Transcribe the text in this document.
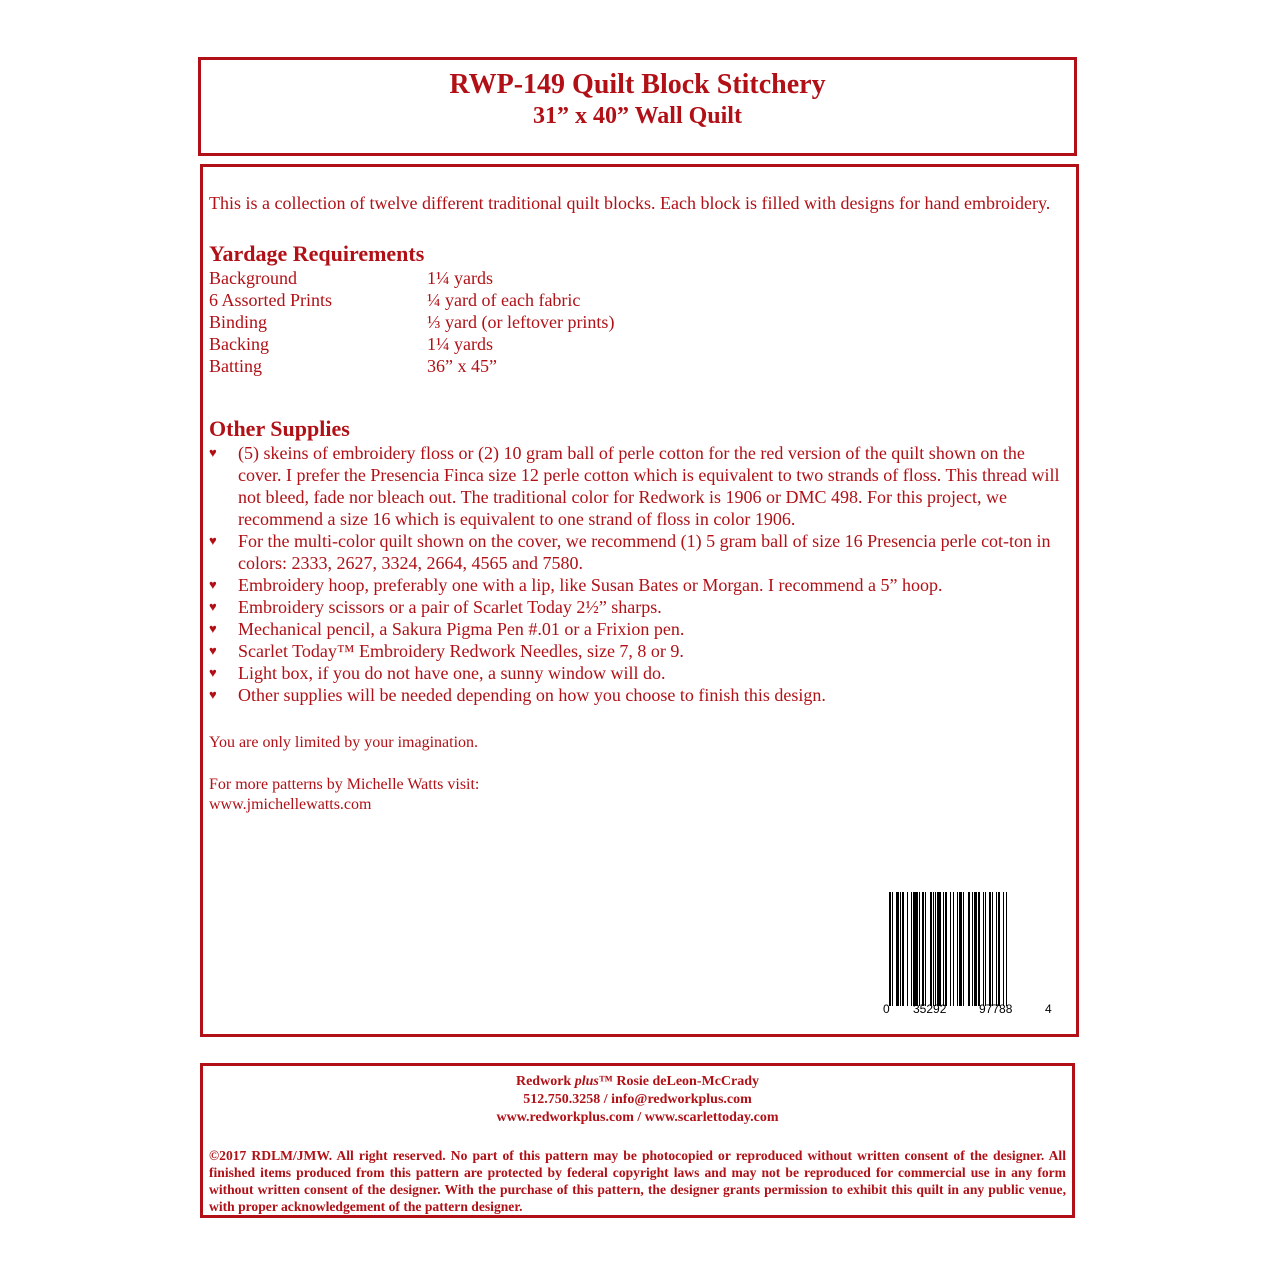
RWP-149 Quilt Block Stitchery
31” x 40” Wall Quilt

This is a collection of twelve different traditional quilt blocks. Each block is filled with designs for hand embroidery.

Yardage Requirements
Background	1¼ yards
6 Assorted Prints	¼ yard of each fabric
Binding	⅓ yard (or leftover prints)
Backing	1¼ yards
Batting	36” x 45”
Other Supplies
♥ (5) skeins of embroidery floss or (2) 10 gram ball of perle cotton for the red version of the quilt shown on the cover. I prefer the Presencia Finca size 12 perle cotton which is equivalent to two strands of floss. This thread will not bleed, fade nor bleach out. The traditional color for Redwork is 1906 or DMC 498. For this project, we recommend a size 16 which is equivalent to one strand of floss in color 1906.
♥ For the multi-color quilt shown on the cover, we recommend (1) 5 gram ball of size 16 Presencia perle cot-ton in colors: 2333, 2627, 3324, 2664, 4565 and 7580.
♥ Embroidery hoop, preferably one with a lip, like Susan Bates or Morgan. I recommend a 5” hoop.
♥ Embroidery scissors or a pair of Scarlet Today 2½” sharps.
♥ Mechanical pencil, a Sakura Pigma Pen #.01 or a Frixion pen.
♥ Scarlet Today™ Embroidery Redwork Needles, size 7, 8 or 9.
♥ Light box, if you do not have one, a sunny window will do.
♥ Other supplies will be needed depending on how you choose to finish this design.

You are only limited by your imagination.

For more patterns by Michelle Watts visit:

www.jmichellewatts.com

0 35292	97788	4
Redwork plus™ Rosie deLeon-McCrady
512.750.3258 / info@redworkplus.com
www.redworkplus.com / www.scarlettoday.com
©2017 RDLM/JMW. All right reserved. No part of this pattern may be photocopied or reproduced without written consent of the designer. All finished items produced from this pattern are protected by federal copyright laws and may not be reproduced for commercial use in any form without written consent of the designer. With the purchase of this pattern, the designer grants permission to exhibit this quilt in any public venue, with proper acknowledgement of the pattern designer.
